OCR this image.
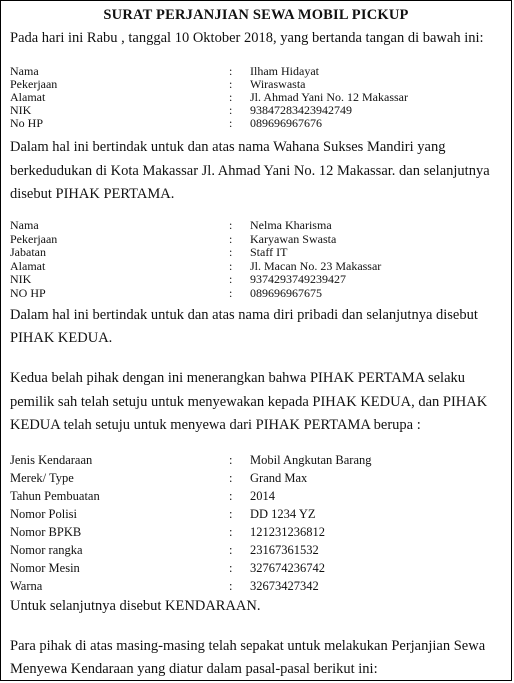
SURAT PERJANJIAN SEWA MOBIL PICKUP
Pada hari ini Rabu , tanggal 10 Oktober 2018, yang bertanda tangan di bawah ini:
Nama	: Ilham Hidayat
Pekerjaan	: Wiraswasta
Alamat	: Jl. Ahmad Yani No. 12 Makassar
NIK	: 93847283423942749
No HP	: 089696967676
Dalam hal ini bertindak untuk dan atas nama Wahana Sukses Mandiri yang
berkedudukan di Kota Makassar Jl. Ahmad Yani No. 12 Makassar. dan selanjutnya
disebut PIHAK PERTAMA.
Nama	: Nelma Kharisma
Pekerjaan	: Karyawan Swasta
Jabatan	: Staff IT
Alamat	: Jl. Macan No. 23 Makassar
NIK	: 9374293749239427
NO HP	: 089696967675
Dalam hal ini bertindak untuk dan atas nama diri pribadi dan selanjutnya disebut
PIHAK KEDUA.
Kedua belah pihak dengan ini menerangkan bahwa PIHAK PERTAMA selaku
pemilik sah telah setuju untuk menyewakan kepada PIHAK KEDUA, dan PIHAK
KEDUA telah setuju untuk menyewa dari PIHAK PERTAMA berupa :
Jenis Kendaraan	: Mobil Angkutan Barang
Merek/ Type	: Grand Max
Tahun Pembuatan	: 2014
Nomor Polisi	: DD 1234 YZ
Nomor BPKB	: 121231236812
Nomor rangka	: 23167361532
Nomor Mesin	: 327674236742
Warna	: 32673427342
Untuk selanjutnya disebut KENDARAAN.
Para pihak di atas masing-masing telah sepakat untuk melakukan Perjanjian Sewa
Menyewa Kendaraan yang diatur dalam pasal-pasal berikut ini:
